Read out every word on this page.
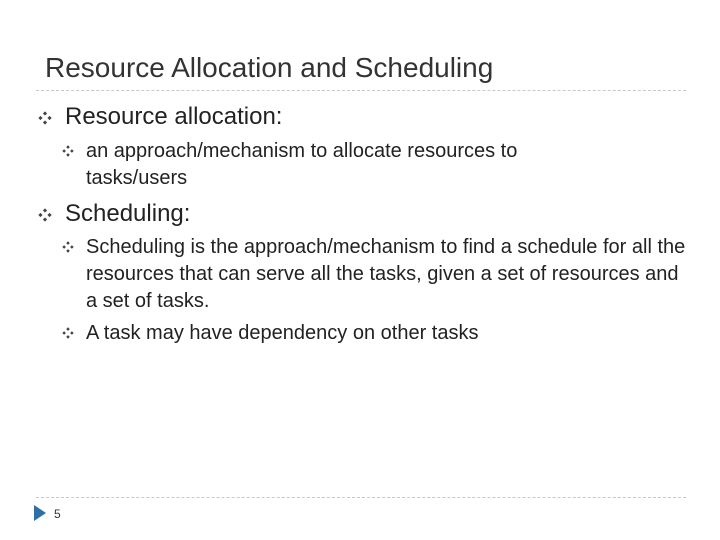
Resource Allocation and Scheduling
Resource allocation:
an approach/mechanism to allocate resources to tasks/users
Scheduling:
Scheduling is the approach/mechanism to find a schedule for all the resources that can serve all the tasks, given a set of resources and a set of tasks.
A task may have dependency on other tasks
5
